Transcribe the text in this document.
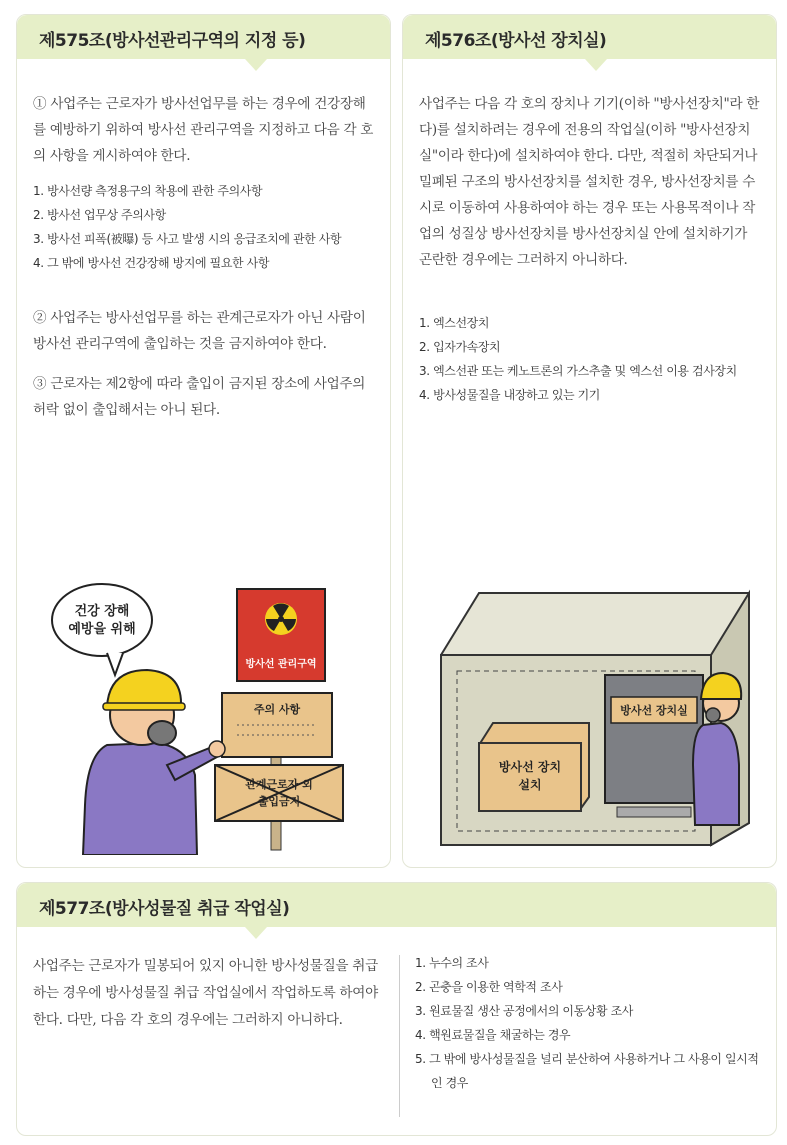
제575조(방사선관리구역의 지정 등)
① 사업주는 근로자가 방사선업무를 하는 경우에 건강장해를 예방하기 위하여 방사선 관리구역을 지정하고 다음 각 호의 사항을 게시하여야 한다.
1. 방사선량 측정용구의 착용에 관한 주의사항
2. 방사선 업무상 주의사항
3. 방사선 피폭(被曝) 등 사고 발생 시의 응급조치에 관한 사항
4. 그 밖에 방사선 건강장해 방지에 필요한 사항
② 사업주는 방사선업무를 하는 관계근로자가 아닌 사람이 방사선 관리구역에 출입하는 것을 금지하여야 한다.
③ 근로자는 제2항에 따라 출입이 금지된 장소에 사업주의 허락 없이 출입해서는 아니 된다.
건강 장해
예방을 위해
방사선 관리구역
주의 사항
관계근로자 외
출입금지
제576조(방사선 장치실)
사업주는 다음 각 호의 장치나 기기(이하 "방사선장치"라 한다)를 설치하려는 경우에 전용의 작업실(이하 "방사선장치실"이라 한다)에 설치하여야 한다. 다만, 적절히 차단되거나 밀폐된 구조의 방사선장치를 설치한 경우, 방사선장치를 수시로 이동하여 사용하여야 하는 경우 또는 사용목적이나 작업의 성질상 방사선장치를 방사선장치실 안에 설치하기가 곤란한 경우에는 그러하지 아니하다.
1. 엑스선장치
2. 입자가속장치
3. 엑스선관 또는 케노트론의 가스추출 및 엑스선 이용 검사장치
4. 방사성물질을 내장하고 있는 기기
방사선 장치
설치
방사선 장치실
제577조(방사성물질 취급 작업실)
사업주는 근로자가 밀봉되어 있지 아니한 방사성물질을 취급하는 경우에 방사성물질 취급 작업실에서 작업하도록 하여야 한다. 다만, 다음 각 호의 경우에는 그러하지 아니하다.
1. 누수의 조사
2. 곤충을 이용한 역학적 조사
3. 원료물질 생산 공정에서의 이동상황 조사
4. 핵원료물질을 채굴하는 경우
5. 그 밖에 방사성물질을 널리 분산하여 사용하거나 그 사용이 일시적인 경우
